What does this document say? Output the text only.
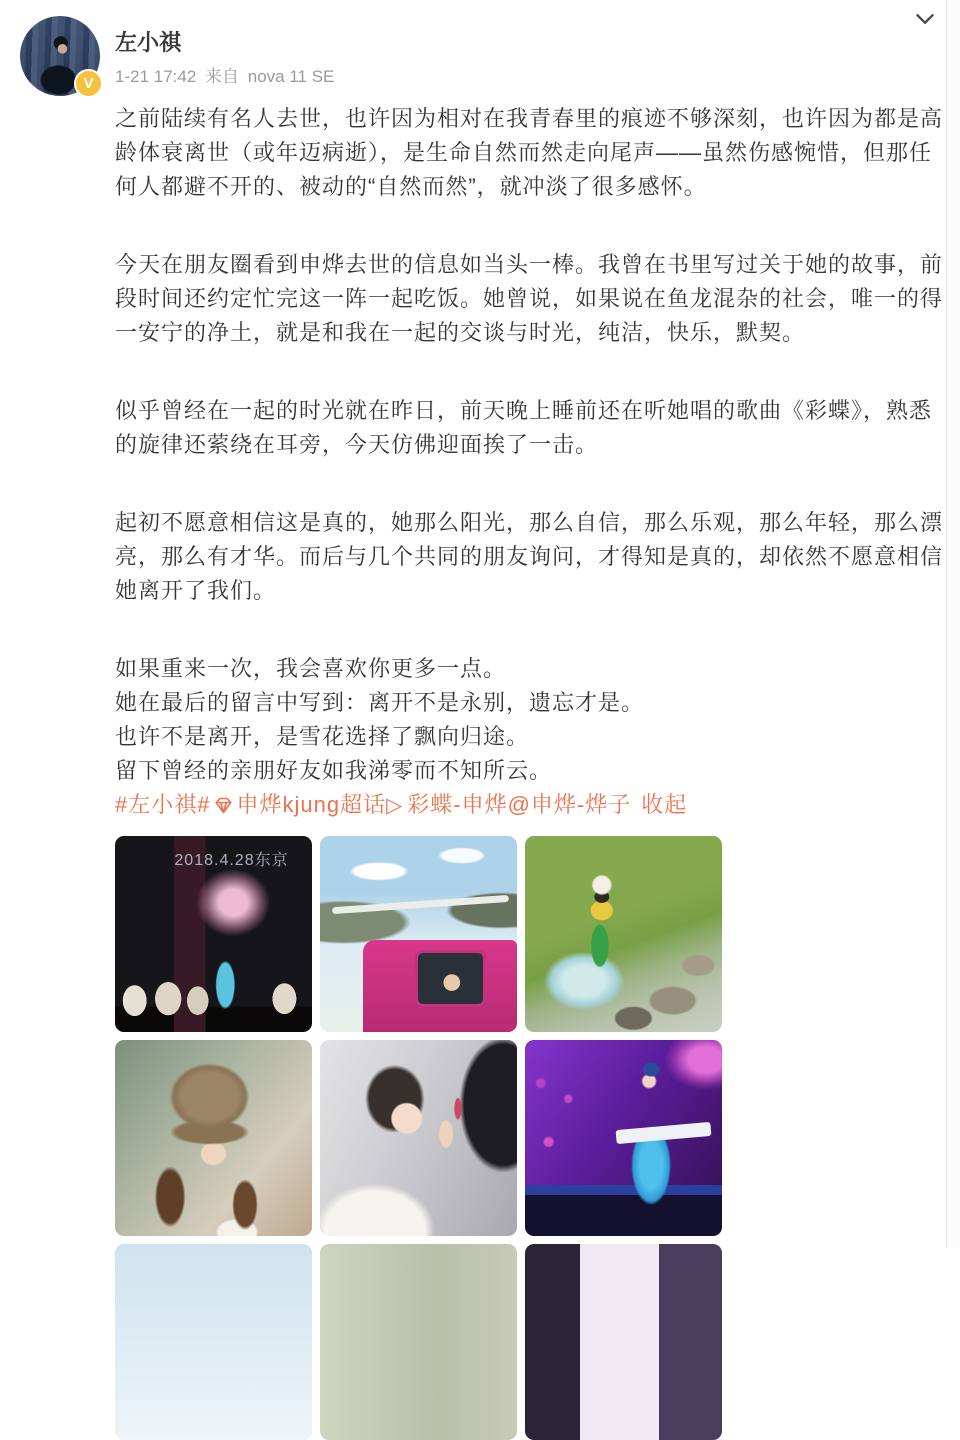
V
左小祺
1-21 17:42 来自 nova 11 SE

之前陆续有名人去世，也许因为相对在我青春里的痕迹不够深刻，也许因为都是高龄体衰离世（或年迈病逝），是生命自然而然走向尾声——虽然伤感惋惜，但那任何人都避不开的、被动的“自然而然”，就冲淡了很多感怀。

今天在朋友圈看到申烨去世的信息如当头一棒。我曾在书里写过关于她的故事，前段时间还约定忙完这一阵一起吃饭。她曾说，如果说在鱼龙混杂的社会，唯一的得一安宁的净土，就是和我在一起的交谈与时光，纯洁，快乐，默契。

似乎曾经在一起的时光就在昨日，前天晚上睡前还在听她唱的歌曲《彩蝶》，熟悉的旋律还萦绕在耳旁，今天仿佛迎面挨了一击。

起初不愿意相信这是真的，她那么阳光，那么自信，那么乐观，那么年轻，那么漂亮，那么有才华。而后与几个共同的朋友询问，才得知是真的，却依然不愿意相信她离开了我们。

如果重来一次，我会喜欢你更多一点。
她在最后的留言中写到：离开不是永别，遗忘才是。
也许不是离开，是雪花选择了飘向归途。
留下曾经的亲朋好友如我涕零而不知所云。
#左小祺# 申烨kjung超话▷ 彩蝶-申烨@申烨-烨子 收起
2018.4.28东京
